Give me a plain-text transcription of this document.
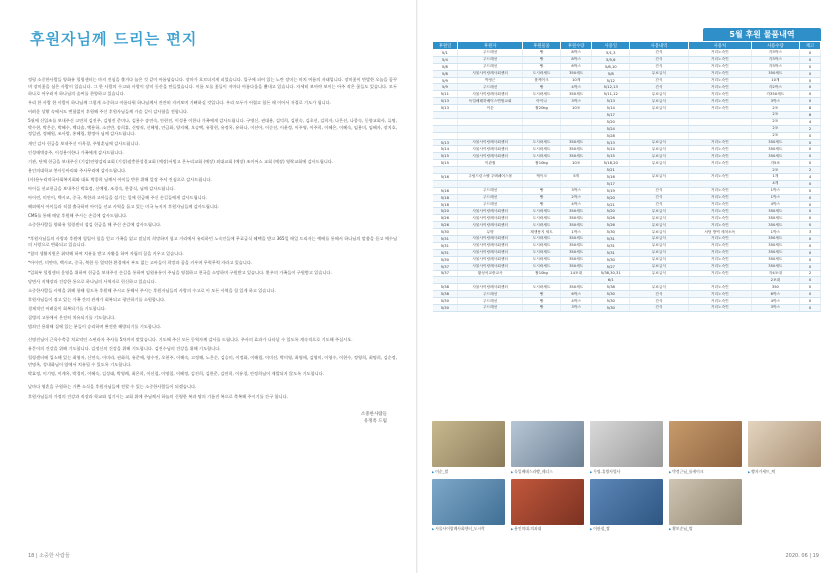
후원자님께 드리는 편지

정평 소중한사람들 양화유 힐링센터는 마지 진심을 출겨다 늘은 것 같이 아름답습니다. 장마가 흐르더지게 피었습니다. 입구에 피어 있는 노란 장미는 마치 여름의 자태입니다. 장미꽃이 만발한 오늘을 꿈꾸며 장미꽃을 심은 사람이 있습니다. 그 한 사람의 수고와 사랑이 장미 동산을 만들었습니다. 이름 모를 꽃들이 저마다 아름다움을 뽐내고 있습니다. 자세히 보아야 보이는 아주 작은 꽃들도 있습니다. 모두 하나로 어우러져 하나님의 솜씨를 찬양하고 있습니다.

우리 한 사람 한 사람이 하나님께 그렇게 소중하고 아름다워 하나님께서 잔잔히 지켜보며 기뻐하실 것입니다. 우리 모두가 어렵고 힘든 때 이어서 저절로 기도가 됩니다.

어려운 상황 속에서도 변함없이 후원해 주신 후원자님들께 가슴 깊이 감사함을 전합니다.

5월에 신입조를 보내주신 고연희 김진주, 김영진 준미나, 김용수 송연숙, 안현진, 이성용 이한나 가족에게 감사드립니다. 구명신, 권대용, 김덕희, 김현숙, 김초선, 김희자, 나은선, 나종숙, 동양교회사, 류명, 박수현, 박은순, 박혜수, 백다솔, 백용하, 소진만, 송희휴, 신명직, 신혜영, 안금화, 양지혜, 오승택, 유광현, 유정옥, 유하나, 이선아, 이순선, 이윤정, 이주영, 이주희, 이혜은, 이혜숙, 임용미, 임혜자, 장지호, 정일권, 정혜원, 조사랑, 홍혜림, 황정아 님께 감사드립니다.

개인 감사 헌금을 보내주신 이옥경, 주영훈님께 감사드립니다.

인성애벽송주, 이성용이한나 가족에게 감사드립니다.

기관, 단체 헌금을 보내주신 (기감)안양감리교회 (기성)잠충한성결교회 (예장)서빙고 온누리교회 (예장) 외대교회 (예장) 조이어스 교회 (예장) 영락교회에 감사드립니다.

용인의대학교 봉사동아리와 주사무리에 감사드립니다.

(사)용누리약국사회복지회와 대표 박종희 님께서 아이들 반찬 위해 앞장 주셔 진심으로 감사드립니다.

아이들 선교헌금을 보내주신 박효정, 신예령, 조경숙, 한종식, 님께 감사드립니다.

아이린, 미안이, 백시코, 중국, 북한과 고아들을 섬기는 일에 헌금해 주신 손길들에게 감사드립니다.

해외에서 아이들과 직접 출국하며 아이들 선교 사역을 돕고 있는 미국 뉴저지 후원자님들께 감사드립니다.

CMS를 통해 매달 후원해 주시는 손길에 감사드립니다.

소중한사람들 양화유 힐링센터 섬김 헌금을 해 주신 손길에 감사드립니다.

*후원자님들의 사랑과 후원에 힘입어 힘을 얻고 가족을 잃고 말날의 희망하며 힘고 거리에서 유리하던 노숙인들에 무료급식 혜택을 받고 365일 매일 드리자는 예배를 통해서 하나님의 말씀을 듣고 예수님의 사랑으로 변화되고 있습니다.

*참의 생활지원은 취약해 하여 치유를 받고 자활을 하여 자립의 꿈을 키우고 있습니다.

*아이린, 미얀마, 백시코, 중국, 북한 등 열악한 환경에서 부모 없는 고아들이 희망과 꿈을 키우며 무럭무럭 자라고 있습니다.

*일회부 힐링센터 운영을 위하여 헌금을 보내주신 손길을 통하여 임원유통이 주님을 영접하고 천국을 소망하며 구원받고 있습니다. 환우의 가족들이 구원받고 있습니다.

당면사 지체장과 건강한 통으로 하나님의 사역자로 헌신하고 있습니다.

소중한사람들 사역을 위해 항해 힘드록 후원해 주시고 통해서 주시는 후원자님들의 사랑의 수고로 이 모든 사역을 힘 있게 하고 있습니다.

후원자님들이 겪고 있는 가족 간의 관계가 회복되고 평안하기를 소원합니다.

경제적인 어려움이 회복되기를 기도합니다.

질병의 고통에서 온전히 치유되기를 기도합니다.

범죄인 용위해 집에 있는 분들이 승리하며 완전한 해방되기를 기도합니다.

신명진님이 근육수축증 치료약인 스핀라자 주사를 5차까지 맞았습니다. 기도해 주신 모든 동역자께 감사를 드립니다. 주사의 효과가 나타날 수 있도록 계속적으로 기도해 주십시오.

유문이의 건강을 위해 기도합니다. 김정신의 건강을 위해 기도합니다. 김진수님의 건강을 위해 기도합니다.

힐링센터에 입소해 있는 최영자, 신연숙, 이미라, 권화희, 유준애, 양수진, 오현주, 이해숙, 고정해, 노은순, 김승미, 이정화, 이해림, 이미선, 박미영, 최영애, 김영미, 이영수, 이현수, 정영희, 최명희, 김순정, 민명옥, 성내화님이 암에서 치유될 수 있도록 기도합니다.

박효정, 이기명, 이계옥, 박경미, 이혜숙, 김성태, 박영례, 최은희, 이선철, 이명철, 이혜정, 김진희, 김한준, 김연희, 이유경, 안정희님이 재발되지 않도록 기도합니다.

날마다 영혼을 구원하는 기쁜 소식을 후원자님들께 전할 수 있는 소중한사람들이 되겠습니다.

후원자님들의 가정의 건강과 직장과 학교와 섬기시는 교회 위에 주님께서 하늘의 신령한 복과 땅의 기름진 복으로 축복해 주시기를 간구 합니다.

소중한사람들
유정옥 드림
18 | 소중한 사람들
5월 후원 물품내역
후원일	후원자	후원물품	후원수량	사용일	사용내역	사용처	사용수량	재고
5/1	주드레선	빵	8박스	5/1,3	간식	거리노숙인	각3박스	0
5/4	주드레선	빵	8박스	5/5,6	간식	거리노숙인	각3박스	0
5/8	주드레선	빵	6박스	5/8,10	간식	거리노숙인	각3박스	0
5/8	사물사이랑례사회센터	도시락세트	350세트	5/8	무료급식	거리노숙인	350세트	0
5/9	박정근	롤케이크	10개	5/12	간식	거리노숙인	10개	0
5/9	주드레선	빵	4박스	5/12,13	간식	거리노숙인	각2박스	0
5/11	사물사이랑례사회센터	도시락세트	350세트	5/11,12	무료급식	거리노숙인	각350세트	0
5/13	독일베테하베이스연합교회	아이나	3박스	5/13	무료급식	거리노숙인	3박스	0
5/13	이순	쌀20kg	10포	5/14	무료급식	거리노숙인	2포	8
				5/17			2포	6
				5/20			2포	4
				5/24			2포	2
				5/28			2포	0
5/13	사물사이랑례사회센터	도시락세트	350세트	5/13	무료급식	거리노숙인	350세트	0
5/14	사물사이랑례사회센터	도시락세트	350세트	5/14	무료급식	거리노숙인	350세트	0
5/15	사물사이랑례사회센터	도시락세트	350세트	5/15	무료급식	거리노숙인	350세트	0
5/15	이관철	쌀10kg	10포	5/18,20	무료급식	거리노숙인	각5포	0
				5/21			2포	2
5/16	주립드린스벨 주택페어스몰	케이크	5개	5/16	무료급식	거리노숙인	1개	4
				5/17			4개	0
5/16	주드레선	빵	3박스	5/19	간식	거리노숙인	1박스	0
5/18	주드레선	빵	2박스	5/20	간식	거리노숙인	1박스	0
5/18	주드레선	빵	4박스	5/21	간식	거리노숙인	4박스	0
5/20	사물사이랑례사회센터	도시락세트	350세트	5/20	무료급식	거리노숙인	350세트	0
5/26	사물사이랑례사회센터	도시락세트	350세트	5/26	무료급식	거리노숙인	350세트	0
5/26	사물사이랑례사회센터	도시락세트	350세트	5/26	무료급식	거리노숙인	350세트	0
5/30	무명	재생용지 세트	1박스	5/30	무료급식	서당 방역 세척소독	1박스	3
5/31	사물사이랑례사회센터	도시락세트	350세트	5/31	무료급식	거리노숙인	350세트	0
5/31	사물사이랑례사회센터	도시락세트	350세트	5/31	무료급식	거리노숙인	350세트	0
5/31	사물사이랑례사회센터	도시락세트	350세트	5/31	무료급식	거리노숙인	350세트	0
5/30	사물사이랑례사회센터	도시락세트	350세트	5/30	무료급식	거리노숙인	350세트	0
5/37	사물사이랑례사회센터	도시락세트	350세트	5/27	무료급식	거리노숙인	350세트	0
5/37	황성석교중교사	쌀10kg	14포대	5/38,30,31	무료급식	거리노숙인	각4포대	2
				6/1			2포대	0
5/38	사물사이랑례사회센터	도시락세트	350세트	5/38	무료급식	거리노숙인	350	0
5/38	주드레선	빵	6박스	5/30	간식	거리노숙인	6박스	0
5/30	주드레선	빵	4박스	5/30	간식	거리노숙인	4박스	0
5/30	주드레선	빵	3박스	5/30	간식	거리노숙인	3박스	0
▶ 이순_쌀	▶ 독일베테스라빵_레너스	▶ 무명-휴방사법사	▶ 박정근님_롤케이크	▶ 빵자가세트_떡
▶ 사물사이랑례사회센터_도시락	▶ 용인의대-의과대	▶ 이관철_쌀	▶ 황보순님_쌀
2020. 06 | 19
